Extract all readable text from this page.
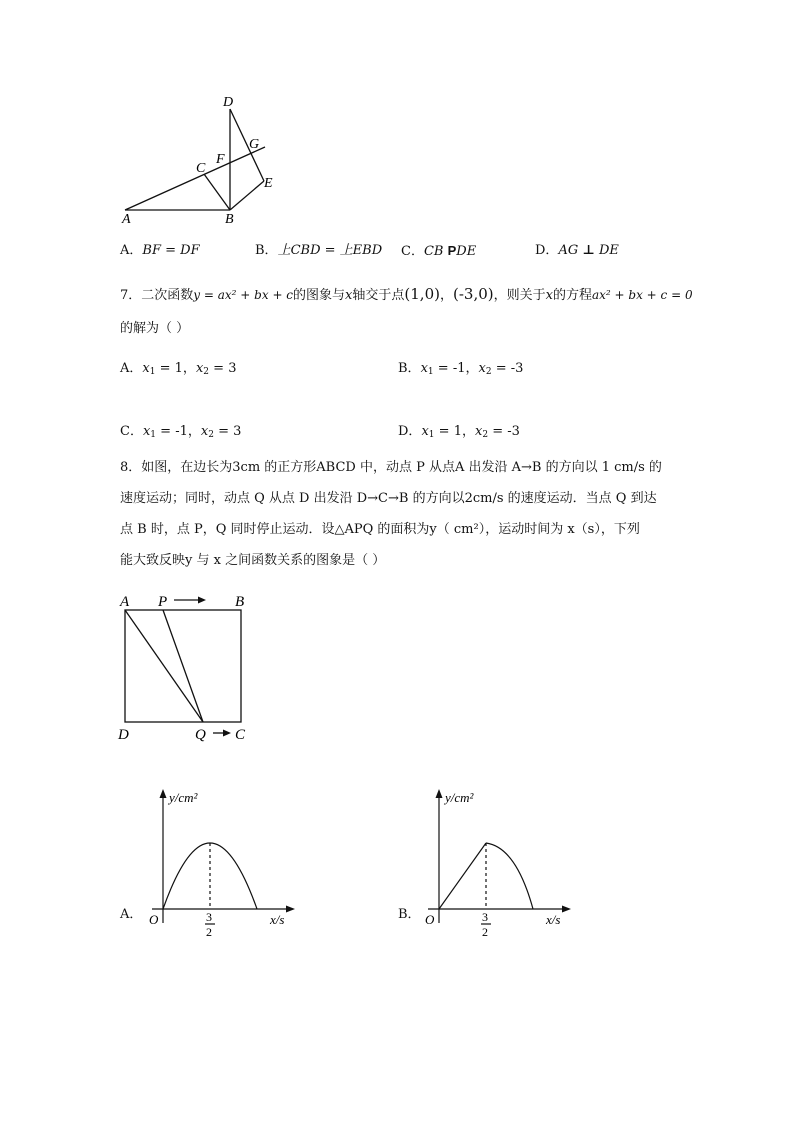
D
C
F
G
E
A	B
A．BF = DF	B．上CBD = 上EBD C．CB PDE	D．AG ⊥ DE
7．二次函数y = ax² + bx + c的图象与x轴交于点(1,0)，(-3,0)，则关于x的方程ax² + bx + c = 0
的解为（ ）
A．$x_1 = 1$，$x_2 = 3$	B．$x_1 = -1$，$x_2 = -3$
C．$x_1 = -1$，$x_2 = 3$	D．$x_1 = 1$，$x_2 = -3$
8．如图，在边长为3cm 的正方形ABCD 中，动点 P 从点A 出发沿 A→B 的方向以 1 cm/s 的
速度运动；同时，动点 Q 从点 D 出发沿 D→C→B 的方向以2cm/s 的速度运动．当点 Q 到达
点 B 时，点 P，Q 同时停止运动．设△APQ 的面积为y（ cm²），运动时间为 x（s），下列
能大致反映y 与 x 之间函数关系的图象是（ ）
A P	B
D	Q C
A．
y/cm²
x/s
O	3
2
B．
y/cm²
x/s
O	3
2
